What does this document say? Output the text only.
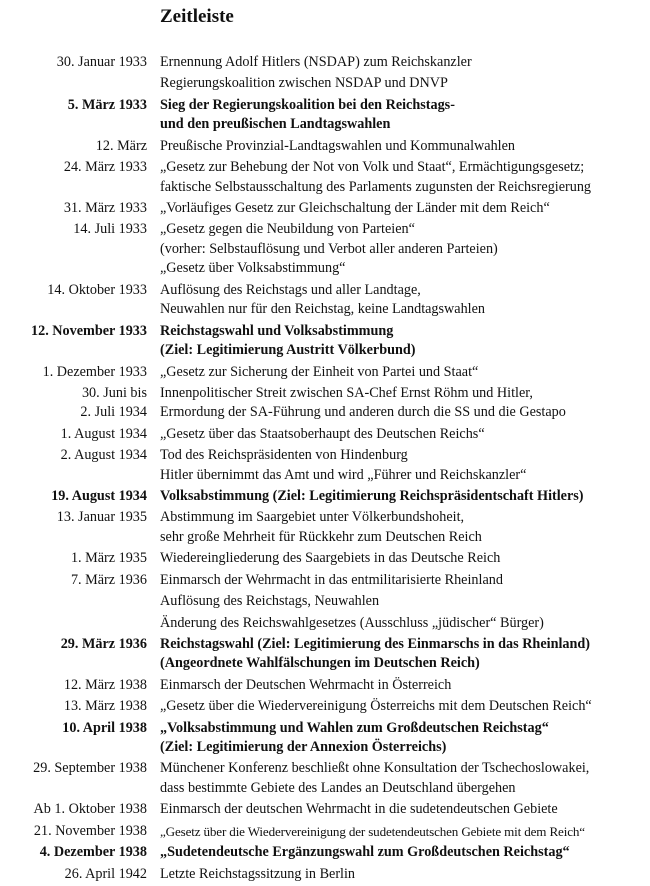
Zeitleiste
30. Januar 1933 Ernennung Adolf Hitlers (NSDAP) zum Reichskanzler
Regierungskoalition zwischen NSDAP und DNVP
5. März 1933 Sieg der Regierungskoalition bei den Reichstags-
und den preußischen Landtagswahlen
12. März Preußische Provinzial-Landtagswahlen und Kommunalwahlen
24. März 1933 „Gesetz zur Behebung der Not von Volk und Staat“, Ermächtigungsgesetz;
faktische Selbstausschaltung des Parlaments zugunsten der Reichsregierung
31. März 1933 „Vorläufiges Gesetz zur Gleichschaltung der Länder mit dem Reich“
14. Juli 1933 „Gesetz gegen die Neubildung von Parteien“
(vorher: Selbstauflösung und Verbot aller anderen Parteien)
„Gesetz über Volksabstimmung“
14. Oktober 1933 Auflösung des Reichstags und aller Landtage,
Neuwahlen nur für den Reichstag, keine Landtagswahlen
12. November 1933 Reichstagswahl und Volksabstimmung
(Ziel: Legitimierung Austritt Völkerbund)
1. Dezember 1933 „Gesetz zur Sicherung der Einheit von Partei und Staat“
30. Juni bis
2. Juli 1934
Innenpolitischer Streit zwischen SA-Chef Ernst Röhm und Hitler,
Ermordung der SA-Führung und anderen durch die SS und die Gestapo
1. August 1934 „Gesetz über das Staatsoberhaupt des Deutschen Reichs“
2. August 1934 Tod des Reichspräsidenten von Hindenburg
Hitler übernimmt das Amt und wird „Führer und Reichskanzler“
19. August 1934 Volksabstimmung (Ziel: Legitimierung Reichspräsidentschaft Hitlers)
13. Januar 1935 Abstimmung im Saargebiet unter Völkerbundshoheit,
sehr große Mehrheit für Rückkehr zum Deutschen Reich
1. März 1935 Wiedereingliederung des Saargebiets in das Deutsche Reich
7. März 1936 Einmarsch der Wehrmacht in das entmilitarisierte Rheinland
Auflösung des Reichstags, Neuwahlen
Änderung des Reichswahlgesetzes (Ausschluss „jüdischer“ Bürger)
29. März 1936 Reichstagswahl (Ziel: Legitimierung des Einmarschs in das Rheinland)
(Angeordnete Wahlfälschungen im Deutschen Reich)
12. März 1938 Einmarsch der Deutschen Wehrmacht in Österreich
13. März 1938 „Gesetz über die Wiedervereinigung Österreichs mit dem Deutschen Reich“
10. April 1938 „Volksabstimmung und Wahlen zum Großdeutschen Reichstag“
(Ziel: Legitimierung der Annexion Österreichs)
29. September 1938 Münchener Konferenz beschließt ohne Konsultation der Tschechoslowakei,
dass bestimmte Gebiete des Landes an Deutschland übergehen
Ab 1. Oktober 1938 Einmarsch der deutschen Wehrmacht in die sudetendeutschen Gebiete
21. November 1938 „Gesetz über die Wiedervereinigung der sudetendeutschen Gebiete mit dem Reich“
4. Dezember 1938 „Sudetendeutsche Ergänzungswahl zum Großdeutschen Reichstag“
26. April 1942 Letzte Reichstagssitzung in Berlin
